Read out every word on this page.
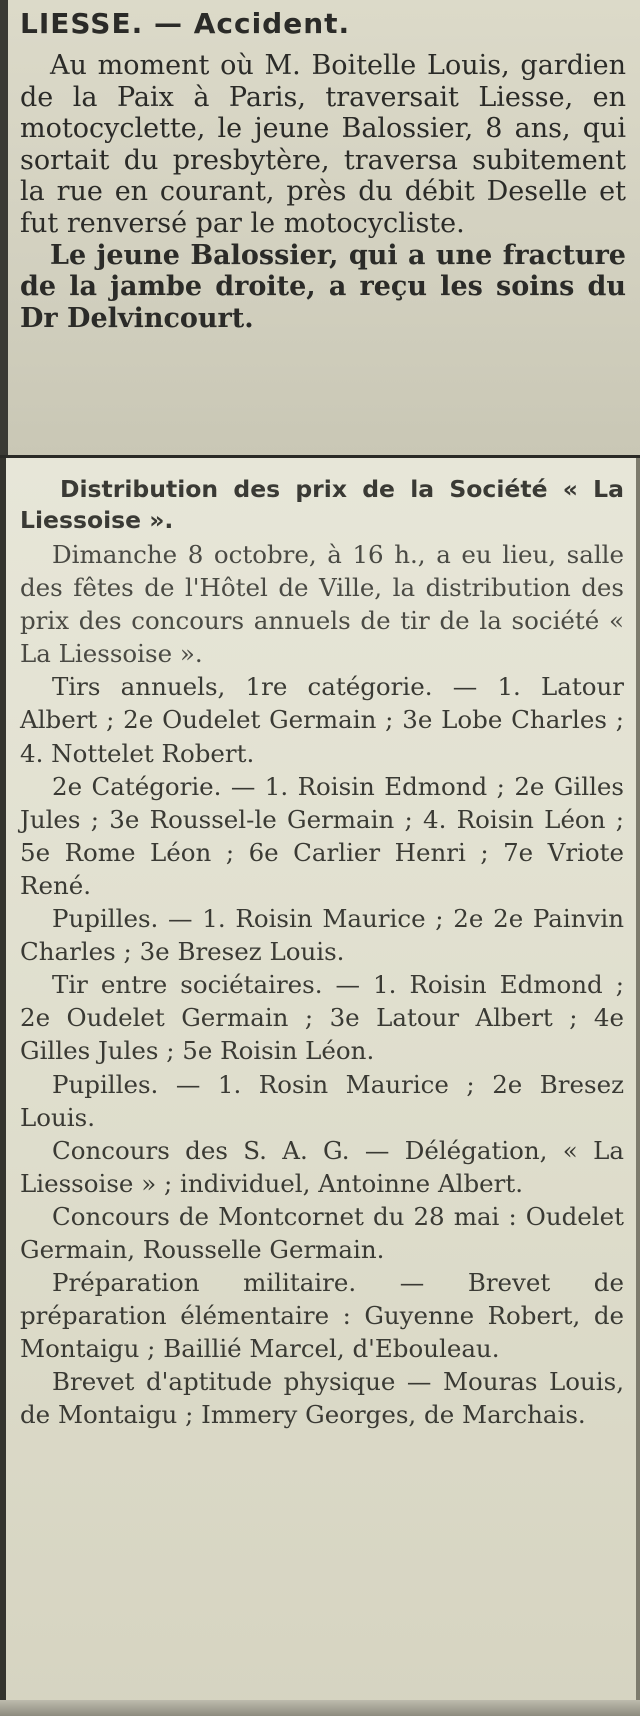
LIESSE. — Accident.

Au moment où M. Boitelle Louis, gardien de la Paix à Paris, traversait Liesse, en motocyclette, le jeune Balossier, 8 ans, qui sortait du presbytère, traversa subitement la rue en courant, près du débit Deselle et fut renversé par le motocycliste.

Le jeune Balossier, qui a une fracture de la jambe droite, a reçu les soins du Dr Delvincourt.

Distribution des prix de la Société « La Liessoise ».

Dimanche 8 octobre, à 16 h., a eu lieu, salle des fêtes de l'Hôtel de Ville, la distribution des prix des concours annuels de tir de la société « La Liessoise ».

Tirs annuels, 1re catégorie. — 1. Latour Albert ; 2e Oudelet Germain ; 3e Lobe Charles ; 4. Nottelet Robert.

2e Catégorie. — 1. Roisin Edmond ; 2e Gilles Jules ; 3e Roussel-le Germain ; 4. Roisin Léon ; 5e Rome Léon ; 6e Carlier Henri ; 7e Vriote René.

Pupilles. — 1. Roisin Maurice ; 2e 2e Painvin Charles ; 3e Bresez Louis.

Tir entre sociétaires. — 1. Roisin Edmond ; 2e Oudelet Germain ; 3e Latour Albert ; 4e Gilles Jules ; 5e Roisin Léon.

Pupilles. — 1. Rosin Maurice ; 2e Bresez Louis.

Concours des S. A. G. — Délégation, « La Liessoise » ; individuel, Antoinne Albert.

Concours de Montcornet du 28 mai : Oudelet Germain, Rousselle Germain.

Préparation militaire. — Brevet de préparation élémentaire : Guyenne Robert, de Montaigu ; Baillié Marcel, d'Ebouleau.

Brevet d'aptitude physique — Mouras Louis, de Montaigu ; Immery Georges, de Marchais.
